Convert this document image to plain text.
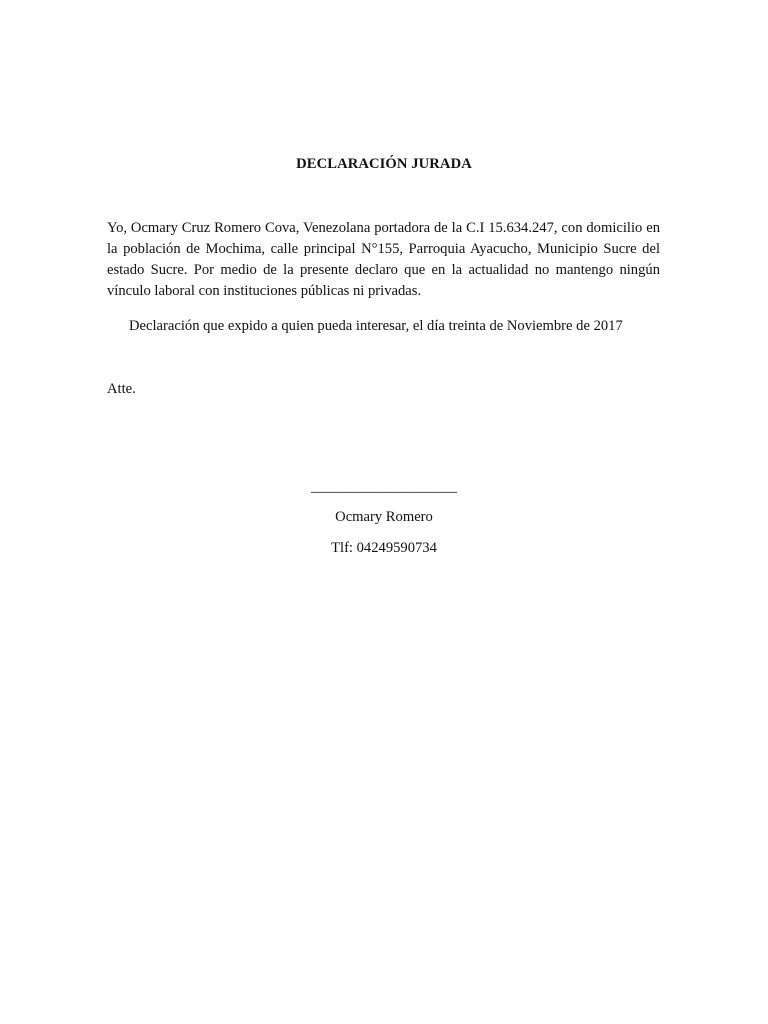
DECLARACIÓN JURADA

Yo, Ocmary Cruz Romero Cova, Venezolana portadora de la C.I 15.634.247, con domicilio en la población de Mochima, calle principal N°155, Parroquia Ayacucho, Municipio Sucre del estado Sucre. Por medio de la presente declaro que en la actualidad no mantengo ningún vínculo laboral con instituciones públicas ni privadas.

Declaración que expido a quien pueda interesar, el día treinta de Noviembre de 2017

Atte.

____________________

Ocmary Romero

Tlf: 04249590734
